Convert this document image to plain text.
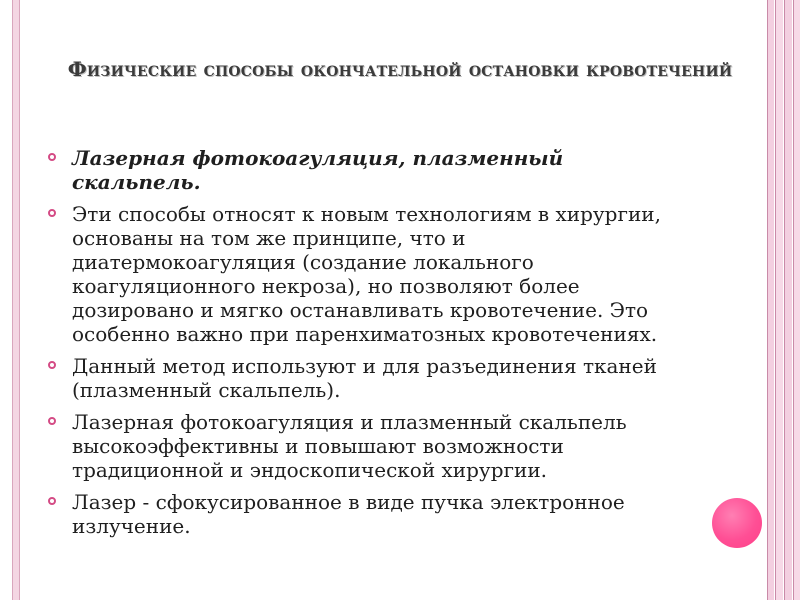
Физические способы окончательной остановки кровотечений
Лазерная фотокоагуляция, плазменный скальпель.
Эти способы относят к новым технологиям в хирургии, основаны на том же принципе, что и диатермокоагуляция (создание локального коагуляционного некроза), но позволяют более дозировано и мягко останавливать кровотечение. Это особенно важно при паренхиматозных кровотечениях.
Данный метод используют и для разъединения тканей (плазменный скальпель).
Лазерная фотокоагуляция и плазменный скальпель высокоэффективны и повышают возможности традиционной и эндоскопической хирургии.
Лазер - сфокусированное в виде пучка электронное излучение.
